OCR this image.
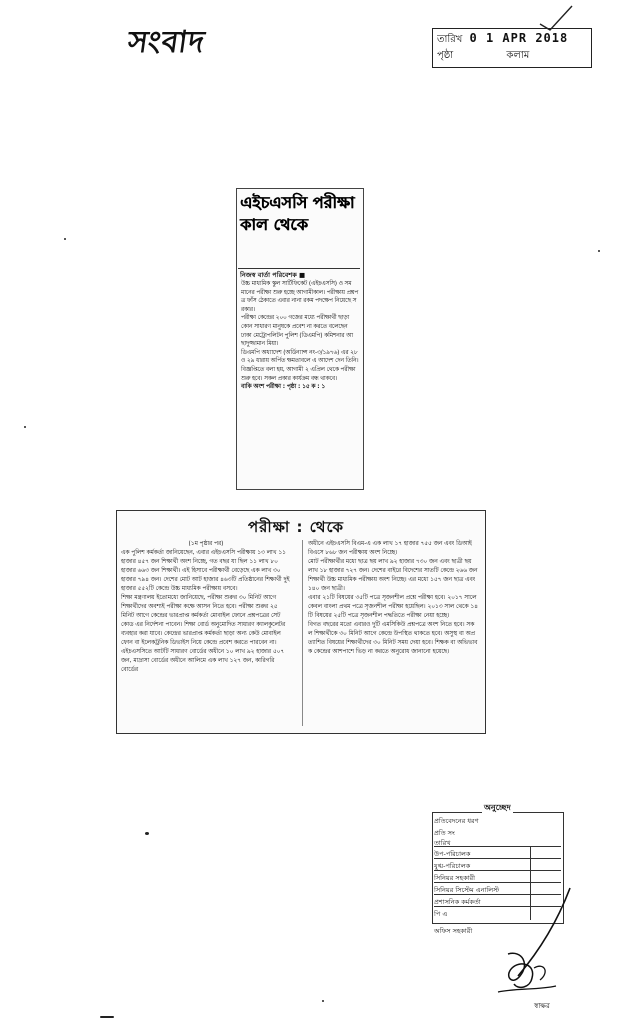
সংবাদ	তারিখ 0 1 APR 2018
পৃষ্ঠা	কলাম
এইচএসসি পরীক্ষা কাল থেকে
নিজস্ব বার্তা পরিবেশক ■

উচ্চ মাধ্যমিক স্কুল সার্টিফিকেট (এইচএসসি) ও সমমানের পরীক্ষা শুরু হচ্ছে আগামীকাল। পরীক্ষায় প্রশ্নপত্র ফাঁস ঠেকাতে এবার নানা রকম পদক্ষেপ নিয়েছে সরকার।

পরীক্ষা কেন্দ্রের ২০০ গজের মধ্যে পরীক্ষার্থী ছাড়া কোন সাধারণ মানুষকে প্রবেশ না করতে বলেছেন ঢাকা মেট্রোপলিটন পুলিশ (ডিএমপি) কমিশনার আছাদুজ্জামান মিয়া।

ডিএমপি অধ্যাদেশ (অর্ডিন্যান্স নং-৩/১৯৭৬) এর ২৮ ও ২৯ ধারায় অর্পিত ক্ষমতাবলে এ আদেশ দেন তিনি। বিজ্ঞপ্তিতে বলা হয়, আগামী ২ এপ্রিল থেকে পরীক্ষা শুরু হবে। সকল প্রকার কার্যক্রম বন্ধ থাকবে।

বাকি অংশ পরীক্ষা : পৃষ্ঠা : ১৫ ক : ১

পরীক্ষা : থেকে

(১ম পৃষ্ঠার পর)

এক পুলিশ কর্মকর্তা জানিয়েছেন, এবার এইচএসসি পরীক্ষায় ১৩ লাখ ১১ হাজার ৪৫৭ জন শিক্ষার্থী অংশ নিচ্ছে, গত বছর যা ছিল ১১ লাখ ৮০ হাজার ৬৬৩ জন শিক্ষার্থী। এই হিসাবে পরীক্ষার্থী বেড়েছে এক লাখ ৩০ হাজার ৭৯৪ জন। দেশের মোট আট হাজার ৪৬৩টি প্রতিষ্ঠানের শিক্ষার্থী দুই হাজার ৫৫২টি কেন্দ্রে উচ্চ মাধ্যমিক পরীক্ষায় বসবে।

শিক্ষা মন্ত্রণালয় ইতোমধ্যে জানিয়েছে, পরীক্ষা শুরুর ৩০ মিনিট আগে শিক্ষার্থীদের অবশ্যই পরীক্ষা কক্ষে আসন নিতে হবে। পরীক্ষা শুরুর ২৫ মিনিট আগে কেন্দ্রের ভারপ্রাপ্ত কর্মকর্তা মোবাইল ফোনে প্রশ্নপত্রের সেট কোড এর নির্দেশনা পাবেন। শিক্ষা বোর্ড অনুমোদিত সাধারণ ক্যালকুলেটর ব্যবহার করা যাবে। কেন্দ্রের ভারপ্রাপ্ত কর্মকর্তা ছাড়া অন্য কেউ মোবাইল ফোন বা ইলেকট্রনিক ডিভাইস নিয়ে কেন্দ্রে প্রবেশ করতে পারবেন না।

এইচএসসিতে আটটি সাধারণ বোর্ডের অধীনে ১০ লাখ ৯২ হাজার ৫০৭ জন, মাদ্রাসা বোর্ডের অধীনে আলিমে এক লাখ ১২৭ জন, কারিগরি বোর্ডের

অধীনে এইচএসসি বিএম-এ এক লাখ ১৭ হাজার ৭৫৫ জন এবং ডিআইবিএসে ৮৬৮ জন পরীক্ষায় অংশ নিচ্ছে।

মোট পরীক্ষার্থীর মধ্যে ছাত্র ছয় লাখ ৯২ হাজার ৭৩০ জন এবং ছাত্রী ছয় লাখ ১৮ হাজার ৭২৭ জন। দেশের বাইরে বিদেশের সাতটি কেন্দ্রে ২৬৬ জন শিক্ষার্থী উচ্চ মাধ্যমিক পরীক্ষায় অংশ নিচ্ছে। এর মধ্যে ১৫৭ জন ছাত্র এবং ১৪০ জন ছাত্রী।

এবার ২১টি বিষয়ের ৩৫টি পত্রে সৃজনশীল প্রশ্নে পরীক্ষা হবে। ২০১৭ সালে কেবল বাংলা প্রথম পত্রে সৃজনশীল পরীক্ষা হয়েছিল। ২০১৩ সাল থেকে ১৪টি বিষয়ের ২৫টি পত্রে সৃজনশীল পদ্ধতিতে পরীক্ষা নেয়া হচ্ছে।

বিগত বছরের মতো এবারও দুটি এমসিকিউ প্রশ্নপত্রে অংশ নিতে হবে। সকল শিক্ষার্থীকে ৩০ মিনিট আগে কেন্দ্রে উপস্থিত থাকতে হবে। অসুস্থ বা অপ্রত্যাশিত বিষয়ের শিক্ষার্থীদের ৩০ মিনিট সময় দেয়া হবে। শিক্ষক বা অভিভাবক কেন্দ্রের আশপাশে ভিড় না করতে অনুরোধ জানানো হয়েছে।

অনুচ্ছেদ
প্রতিবেদনের ধরণ
প্রতি সং
তারিখ
উপ-পরিচালক
যুগ্ম-পরিচালক
সিনিয়র সহকারী
সিনিয়র সিস্টেম এনালিস্ট
প্রশাসনিক কর্মকর্তা
পি এ
অফিস সহকারী
স্বাক্ষর
